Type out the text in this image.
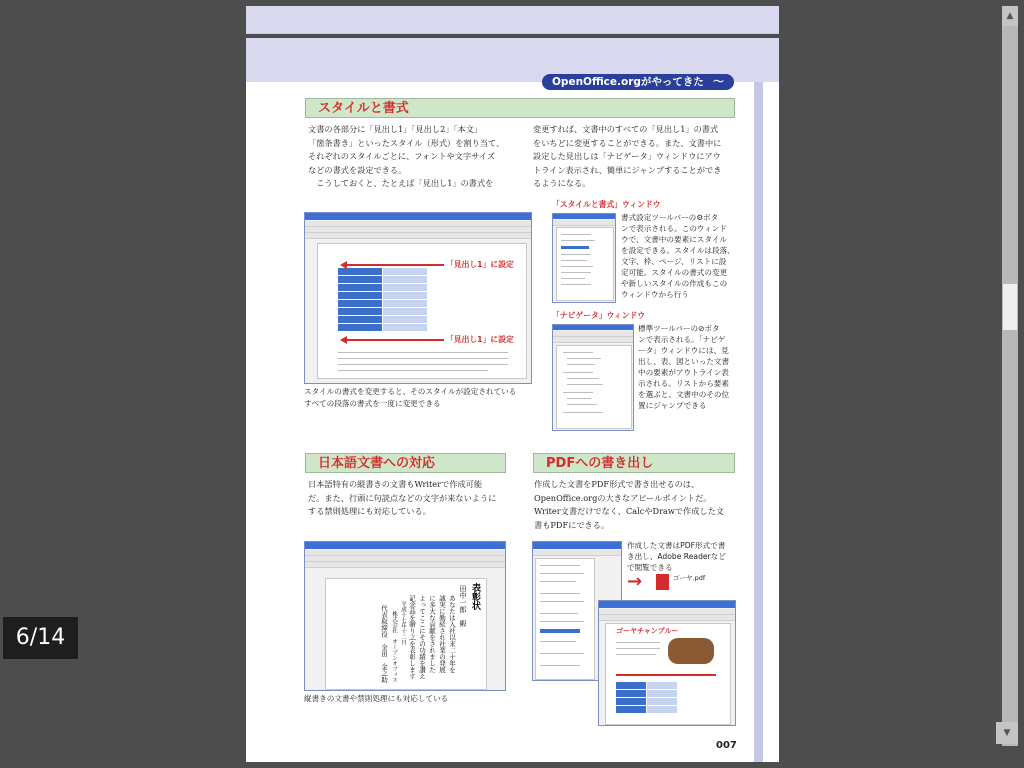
OpenOffice.orgがやってきた 〜
スタイルと書式

文書の各部分に「見出し1」「見出し2」「本文」
「箇条書き」といったスタイル（形式）を割り当て、
それぞれのスタイルごとに、フォントや文字サイズ
などの書式を設定できる。
　こうしておくと、たとえば「見出し1」の書式を

変更すれば、文書中のすべての「見出し1」の書式
をいちどに変更することができる。また、文書中に
設定した見出しは「ナビゲータ」ウィンドウにアウ
トライン表示され、簡単にジャンプすることができ
るようになる。

「見出し1」に設定
「見出し1」に設定

スタイルの書式を変更すると、そのスタイルが設定されている
すべての段落の書式を一度に変更できる

「スタイルと書式」ウィンドウ

書式設定ツールバーの⚙ボタ
ンで表示される。このウィンド
ウで、文書中の要素にスタイル
を設定できる。スタイルは段落、
文字、枠、ページ、リストに設
定可能。スタイルの書式の変更
や新しいスタイルの作成もこの
ウィンドウから行う

「ナビゲータ」ウィンドウ

標準ツールバーの⊘ボタ
ンで表示される。「ナビゲ
ータ」ウィンドウには、見
出し、表、図といった文書
中の要素がアウトライン表
示される。リストから要素
を選ぶと、文書中のその位
置にジャンプできる

日本語文書への対応

日本語特有の縦書きの文書もWriterで作成可能
だ。また、行頭に句読点などの文字が来ないように
する禁則処理にも対応している。

表彰状
田中一郎　殿
あなたは入社以来二十年を
誠実に勤続され社業の発展
に多大な貢献をされました
よってここにその功績を讃え
記念品を贈り之を表彰します
平成十七年十二月
株式会社　オープンオフィス
代表取締役　金田　金之助

縦書きの文書や禁則処理にも対応している

PDFへの書き出し

作成した文書をPDF形式で書き出せるのは、
OpenOffice.orgの大きなアピールポイントだ。
Writer文書だけでなく、CalcやDrawで作成した文
書もPDFにできる。

作成した文書はPDF形式で書
き出し、Adobe Readerなど
で閲覧できる

→	ゴーヤ.pdf
ゴーヤチャンプルー
007
6/14
▲
▼
